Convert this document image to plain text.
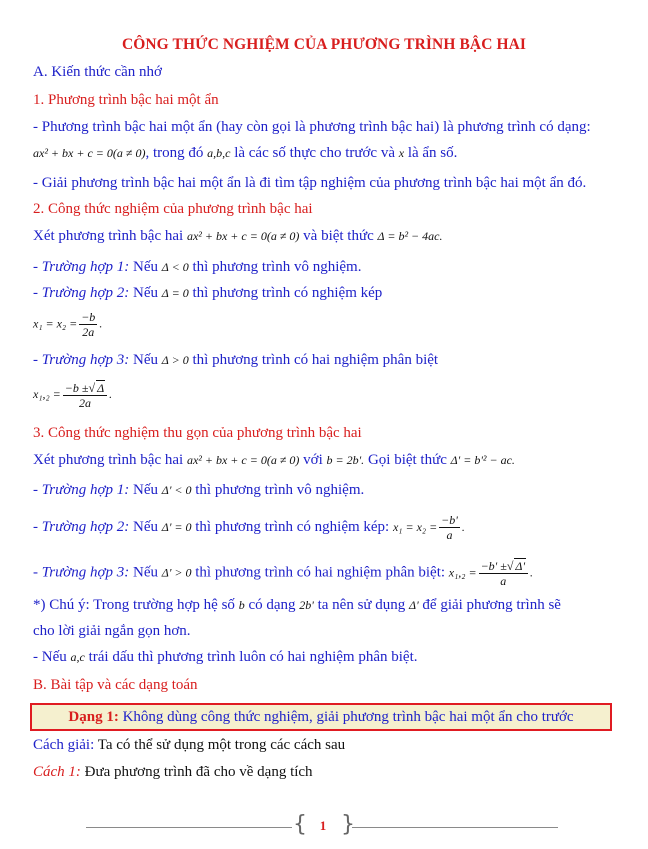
CÔNG THỨC NGHIỆM CỦA PHƯƠNG TRÌNH BẬC HAI
A. Kiến thức cần nhớ
1. Phương trình bậc hai một ẩn
- Phương trình bậc hai một ẩn (hay còn gọi là phương trình bậc hai) là phương trình có dạng:
ax² + bx + c = 0(a ≠ 0), trong đó a,b,c là các số thực cho trước và x là ẩn số.
- Giải phương trình bậc hai một ẩn là đi tìm tập nghiệm của phương trình bậc hai một ẩn đó.
2. Công thức nghiệm của phương trình bậc hai
Xét phương trình bậc hai ax² + bx + c = 0(a ≠ 0) và biệt thức Δ = b² − 4ac.
- Trường hợp 1: Nếu Δ < 0 thì phương trình vô nghiệm.
- Trường hợp 2: Nếu Δ = 0 thì phương trình có nghiệm kép
$x_1 = x_2 = \frac{-b}{2a}$ .
- Trường hợp 3: Nếu Δ > 0 thì phương trình có hai nghiệm phân biệt
$x_1,_2 = \frac{-b \pm√ \Delta}{2a}$ .
3. Công thức nghiệm thu gọn của phương trình bậc hai
Xét phương trình bậc hai ax² + bx + c = 0(a ≠ 0) với b = 2b'. Gọi biệt thức Δ' = b'² − ac.
- Trường hợp 1: Nếu Δ' < 0 thì phương trình vô nghiệm.
- Trường hợp 2: Nếu Δ' = 0 thì phương trình có nghiệm kép: $x_1 = x_2 = \frac{-b'}{a}$ .
- Trường hợp 3: Nếu Δ' > 0 thì phương trình có hai nghiệm phân biệt: $x_1,_2 = \frac{-b' \pm√ \Delta'}{a}$ .
*) Chú ý: Trong trường hợp hệ số b có dạng 2b' ta nên sử dụng Δ' để giải phương trình sẽ
cho lời giải ngắn gọn hơn.
- Nếu a,c trái dấu thì phương trình luôn có hai nghiệm phân biệt.
B. Bài tập và các dạng toán
Dạng 1: Không dùng công thức nghiệm, giải phương trình bậc hai một ẩn cho trước
Cách giải: Ta có thể sử dụng một trong các cách sau
Cách 1: Đưa phương trình đã cho về dạng tích
{ }
1
